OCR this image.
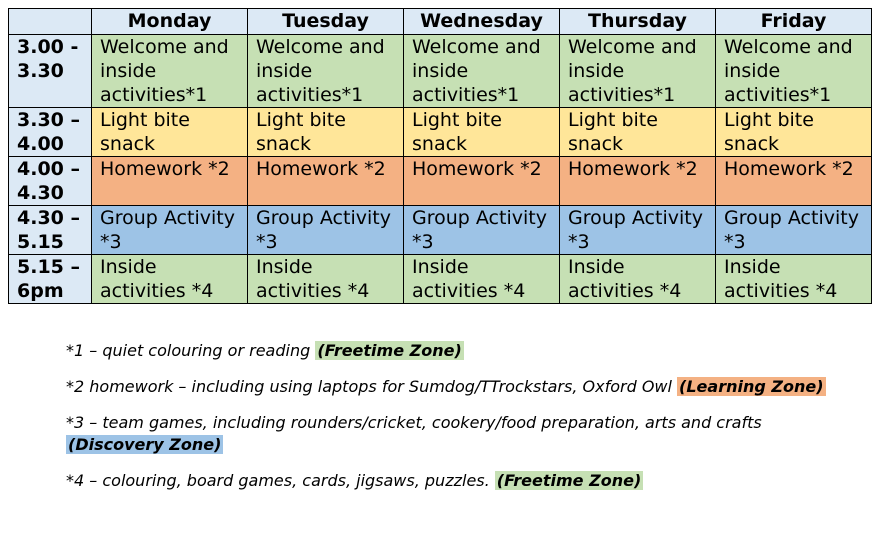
	Monday	Tuesday	Wednesday	Thursday	Friday

3.00 -
3.30	Welcome and inside activities*1	Welcome and inside activities*1	Welcome and inside activities*1	Welcome and inside activities*1	Welcome and inside activities*1

3.30 –
4.00	Light bite snack	Light bite snack	Light bite snack	Light bite snack	Light bite snack

4.00 –
4.30	Homework *2	Homework *2	Homework *2	Homework *2	Homework *2

4.30 –
5.15	Group Activity *3	Group Activity *3	Group Activity *3	Group Activity *3	Group Activity *3

5.15 –
6pm	Inside activities *4	Inside activities *4	Inside activities *4	Inside activities *4	Inside activities *4
*1 – quiet colouring or reading (Freetime Zone)
*2 homework – including using laptops for Sumdog/TTrockstars, Oxford Owl (Learning Zone)
*3 – team games, including rounders/cricket, cookery/food preparation, arts and crafts (Discovery Zone)
*4 – colouring, board games, cards, jigsaws, puzzles. (Freetime Zone)
